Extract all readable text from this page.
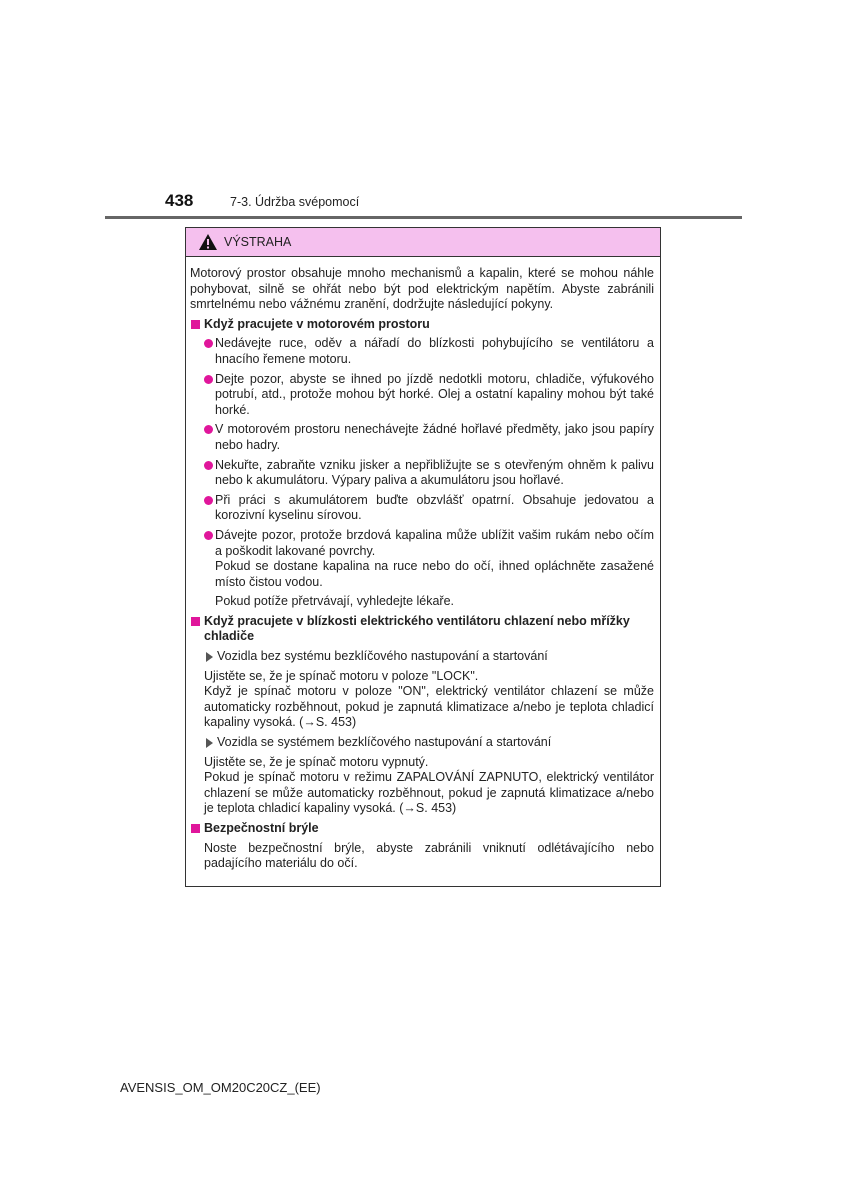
438	7-3. Údržba svépomocí
VÝSTRAHA

Motorový prostor obsahuje mnoho mechanismů a kapalin, které se mohou náhle pohybovat, silně se ohřát nebo být pod elektrickým napětím. Abyste zabránili smrtelnému nebo vážnému zranění, dodržujte následující pokyny.

Když pracujete v motorovém prostoru
Nedávejte ruce, oděv a nářadí do blízkosti pohybujícího se ventilátoru a hnacího řemene motoru.
Dejte pozor, abyste se ihned po jízdě nedotkli motoru, chladiče, výfukového potrubí, atd., protože mohou být horké. Olej a ostatní kapaliny mohou být také horké.
V motorovém prostoru nenechávejte žádné hořlavé předměty, jako jsou papíry nebo hadry.
Nekuřte, zabraňte vzniku jisker a nepřibližujte se s otevřeným ohněm k palivu nebo k akumulátoru. Výpary paliva a akumulátoru jsou hořlavé.
Při práci s akumulátorem buďte obzvlášť opatrní. Obsahuje jedovatou a korozivní kyselinu sírovou.
Dávejte pozor, protože brzdová kapalina může ublížit vašim rukám nebo očím a poškodit lakované povrchy.

Pokud se dostane kapalina na ruce nebo do očí, ihned opláchněte zasažené místo čistou vodou.

Pokud potíže přetrvávají, vyhledejte lékaře.

Když pracujete v blízkosti elektrického ventilátoru chlazení nebo mřížky chladiče
Vozidla bez systému bezklíčového nastupování a startování

Ujistěte se, že je spínač motoru v poloze "LOCK".

Když je spínač motoru v poloze "ON", elektrický ventilátor chlazení se může automaticky rozběhnout, pokud je zapnutá klimatizace a/nebo je teplota chladicí kapaliny vysoká. (→S. 453)

Vozidla se systémem bezklíčového nastupování a startování

Ujistěte se, že je spínač motoru vypnutý.

Pokud je spínač motoru v režimu ZAPALOVÁNÍ ZAPNUTO, elektrický ventilátor chlazení se může automaticky rozběhnout, pokud je zapnutá klimatizace a/nebo je teplota chladicí kapaliny vysoká. (→S. 453)

Bezpečnostní brýle

Noste bezpečnostní brýle, abyste zabránili vniknutí odlétávajícího nebo padajícího materiálu do očí.

AVENSIS_OM_OM20C20CZ_(EE)
